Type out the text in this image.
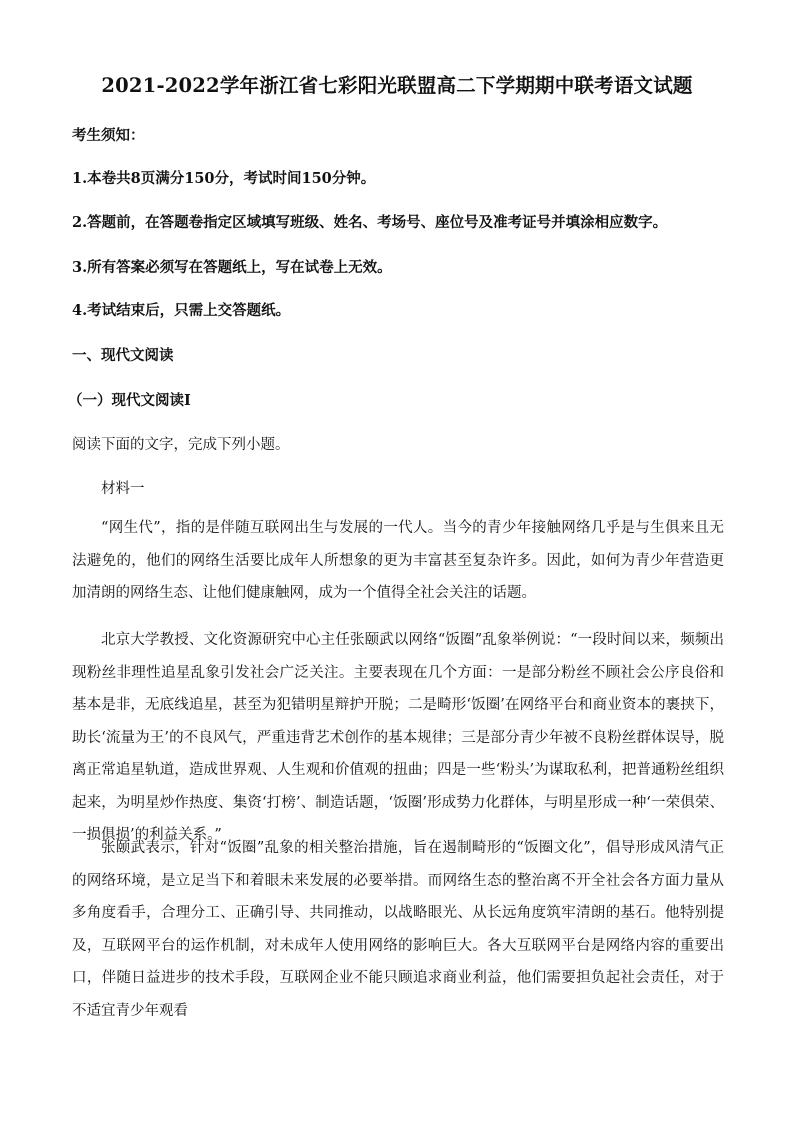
2021-2022学年浙江省七彩阳光联盟高二下学期期中联考语文试题
考生须知：
1.本卷共8页满分150分，考试时间150分钟。
2.答题前，在答题卷指定区域填写班级、姓名、考场号、座位号及准考证号并填涂相应数字。
3.所有答案必须写在答题纸上，写在试卷上无效。
4.考试结束后，只需上交答题纸。
一、现代文阅读
（一）现代文阅读Ⅰ
阅读下面的文字，完成下列小题。
材料一

“网生代”，指的是伴随互联网出生与发展的一代人。当今的青少年接触网络几乎是与生俱来且无法避免的，他们的网络生活要比成年人所想象的更为丰富甚至复杂许多。因此，如何为青少年营造更加清朗的网络生态、让他们健康触网，成为一个值得全社会关注的话题。

北京大学教授、文化资源研究中心主任张颐武以网络“饭圈”乱象举例说：“一段时间以来，频频出现粉丝非理性追星乱象引发社会广泛关注。主要表现在几个方面：一是部分粉丝不顾社会公序良俗和基本是非，无底线追星，甚至为犯错明星辩护开脱；二是畸形‘饭圈’在网络平台和商业资本的裹挟下，助长‘流量为王’的不良风气，严重违背艺术创作的基本规律；三是部分青少年被不良粉丝群体误导，脱离正常追星轨道，造成世界观、人生观和价值观的扭曲；四是一些‘粉头’为谋取私利，把普通粉丝组织起来，为明星炒作热度、集资‘打榜’、制造话题，‘饭圈’形成势力化群体，与明星形成一种‘一荣俱荣、一损俱损’的利益关系。”

张颐武表示，针对“饭圈”乱象的相关整治措施，旨在遏制畸形的“饭圈文化”，倡导形成风清气正的网络环境，是立足当下和着眼未来发展的必要举措。而网络生态的整治离不开全社会各方面力量从多角度看手，合理分工、正确引导、共同推动，以战略眼光、从长远角度筑牢清朗的基石。他特别提及，互联网平台的运作机制，对未成年人使用网络的影响巨大。各大互联网平台是网络内容的重要出口，伴随日益进步的技术手段，互联网企业不能只顾追求商业利益，他们需要担负起社会责任，对于不适宜青少年观看
